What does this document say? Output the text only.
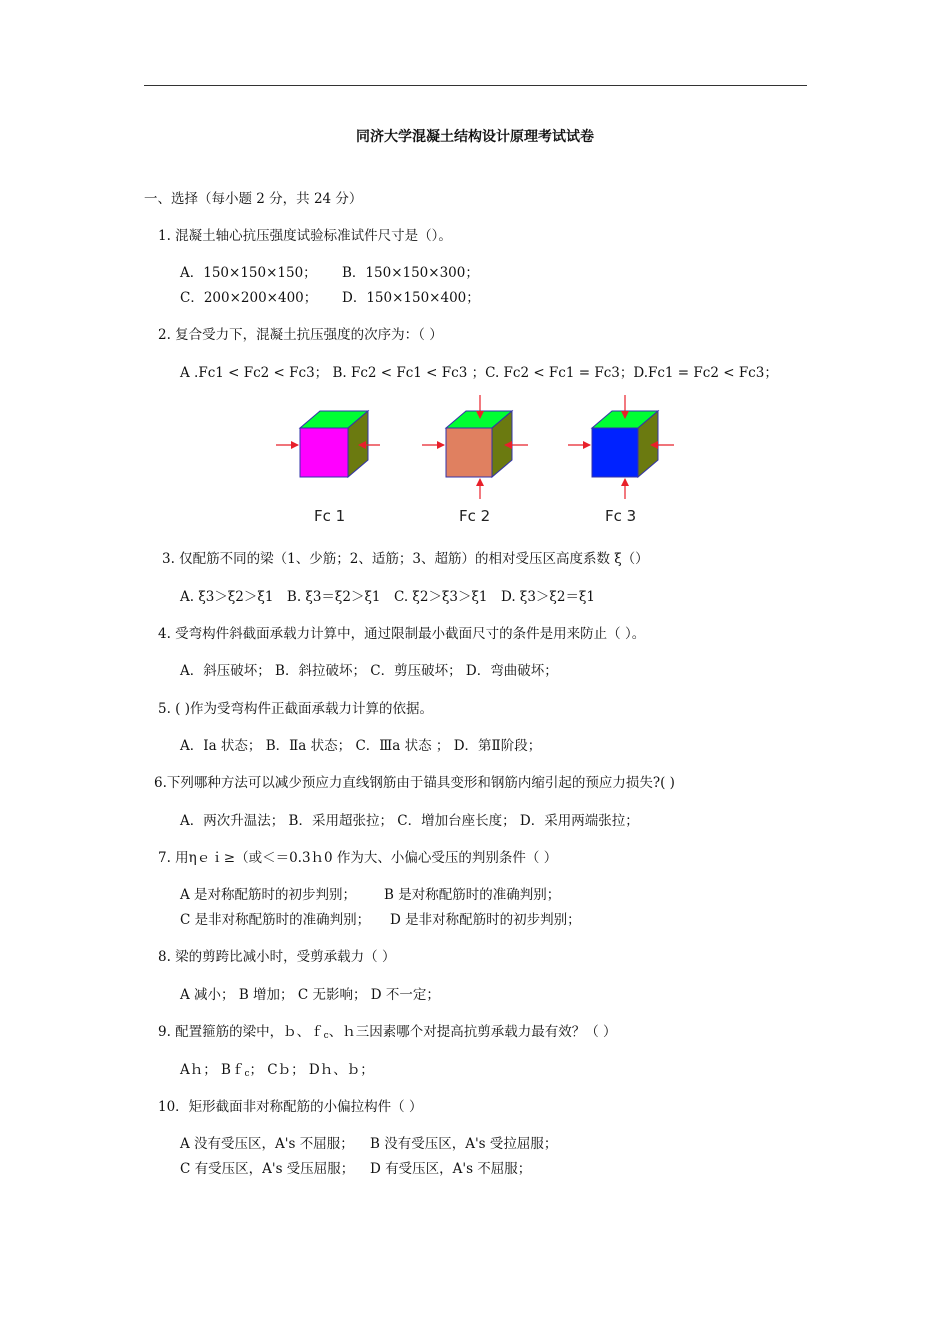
同济大学混凝土结构设计原理考试试卷
一、选择（每小题 2 分，共 24 分）
1. 混凝土轴心抗压强度试验标准试件尺寸是（）。
A．150×150×150； B．150×150×300；
C．200×200×400； D．150×150×400；
2. 复合受力下，混凝土抗压强度的次序为：（ ）
A .Fc1 < Fc2 < Fc3； B. Fc2 < Fc1 < Fc3 ；C. Fc2 < Fc1 = Fc3；D.Fc1 = Fc2 < Fc3；
Fc 1	Fc 2	Fc 3
3. 仅配筋不同的梁（1、少筋；2、适筋；3、超筋）的相对受压区高度系数 ξ（）
A. ξ3＞ξ2＞ξ1　B. ξ3＝ξ2＞ξ1　C. ξ2＞ξ3＞ξ1　D. ξ3＞ξ2＝ξ1
4. 受弯构件斜截面承载力计算中，通过限制最小截面尺寸的条件是用来防止（ ）。
A．斜压破坏； B．斜拉破坏； C．剪压破坏； D．弯曲破坏；
5. ( )作为受弯构件正截面承载力计算的依据。
A．Ⅰa 状态； B．Ⅱa 状态； C．Ⅲa 状态 ； D．第Ⅱ阶段；
6.下列哪种方法可以减少预应力直线钢筋由于锚具变形和钢筋内缩引起的预应力损失?( )
A．两次升温法； B．采用超张拉； C．增加台座长度； D．采用两端张拉；
7. 用ηｅｉ≥（或＜＝0.3ｈ0 作为大、小偏心受压的判别条件（ ）
A 是对称配筋时的初步判别； B 是对称配筋时的准确判别；
C 是非对称配筋时的准确判别； D 是非对称配筋时的初步判别；
8. 梁的剪跨比减小时，受剪承载力（ ）
A 减小； B 增加； C 无影响； D 不一定；
9. 配置箍筋的梁中，ｂ、ｆ$_c$、ｈ三因素哪个对提高抗剪承载力最有效？（ ）
Aｈ； Bｆ$_c$； Cｂ； Dｈ、ｂ；
10．矩形截面非对称配筋的小偏拉构件（ ）
A 没有受压区，A's 不屈服； B 没有受压区，A's 受拉屈服；
C 有受压区，A's 受压屈服； D 有受压区，A's 不屈服；
